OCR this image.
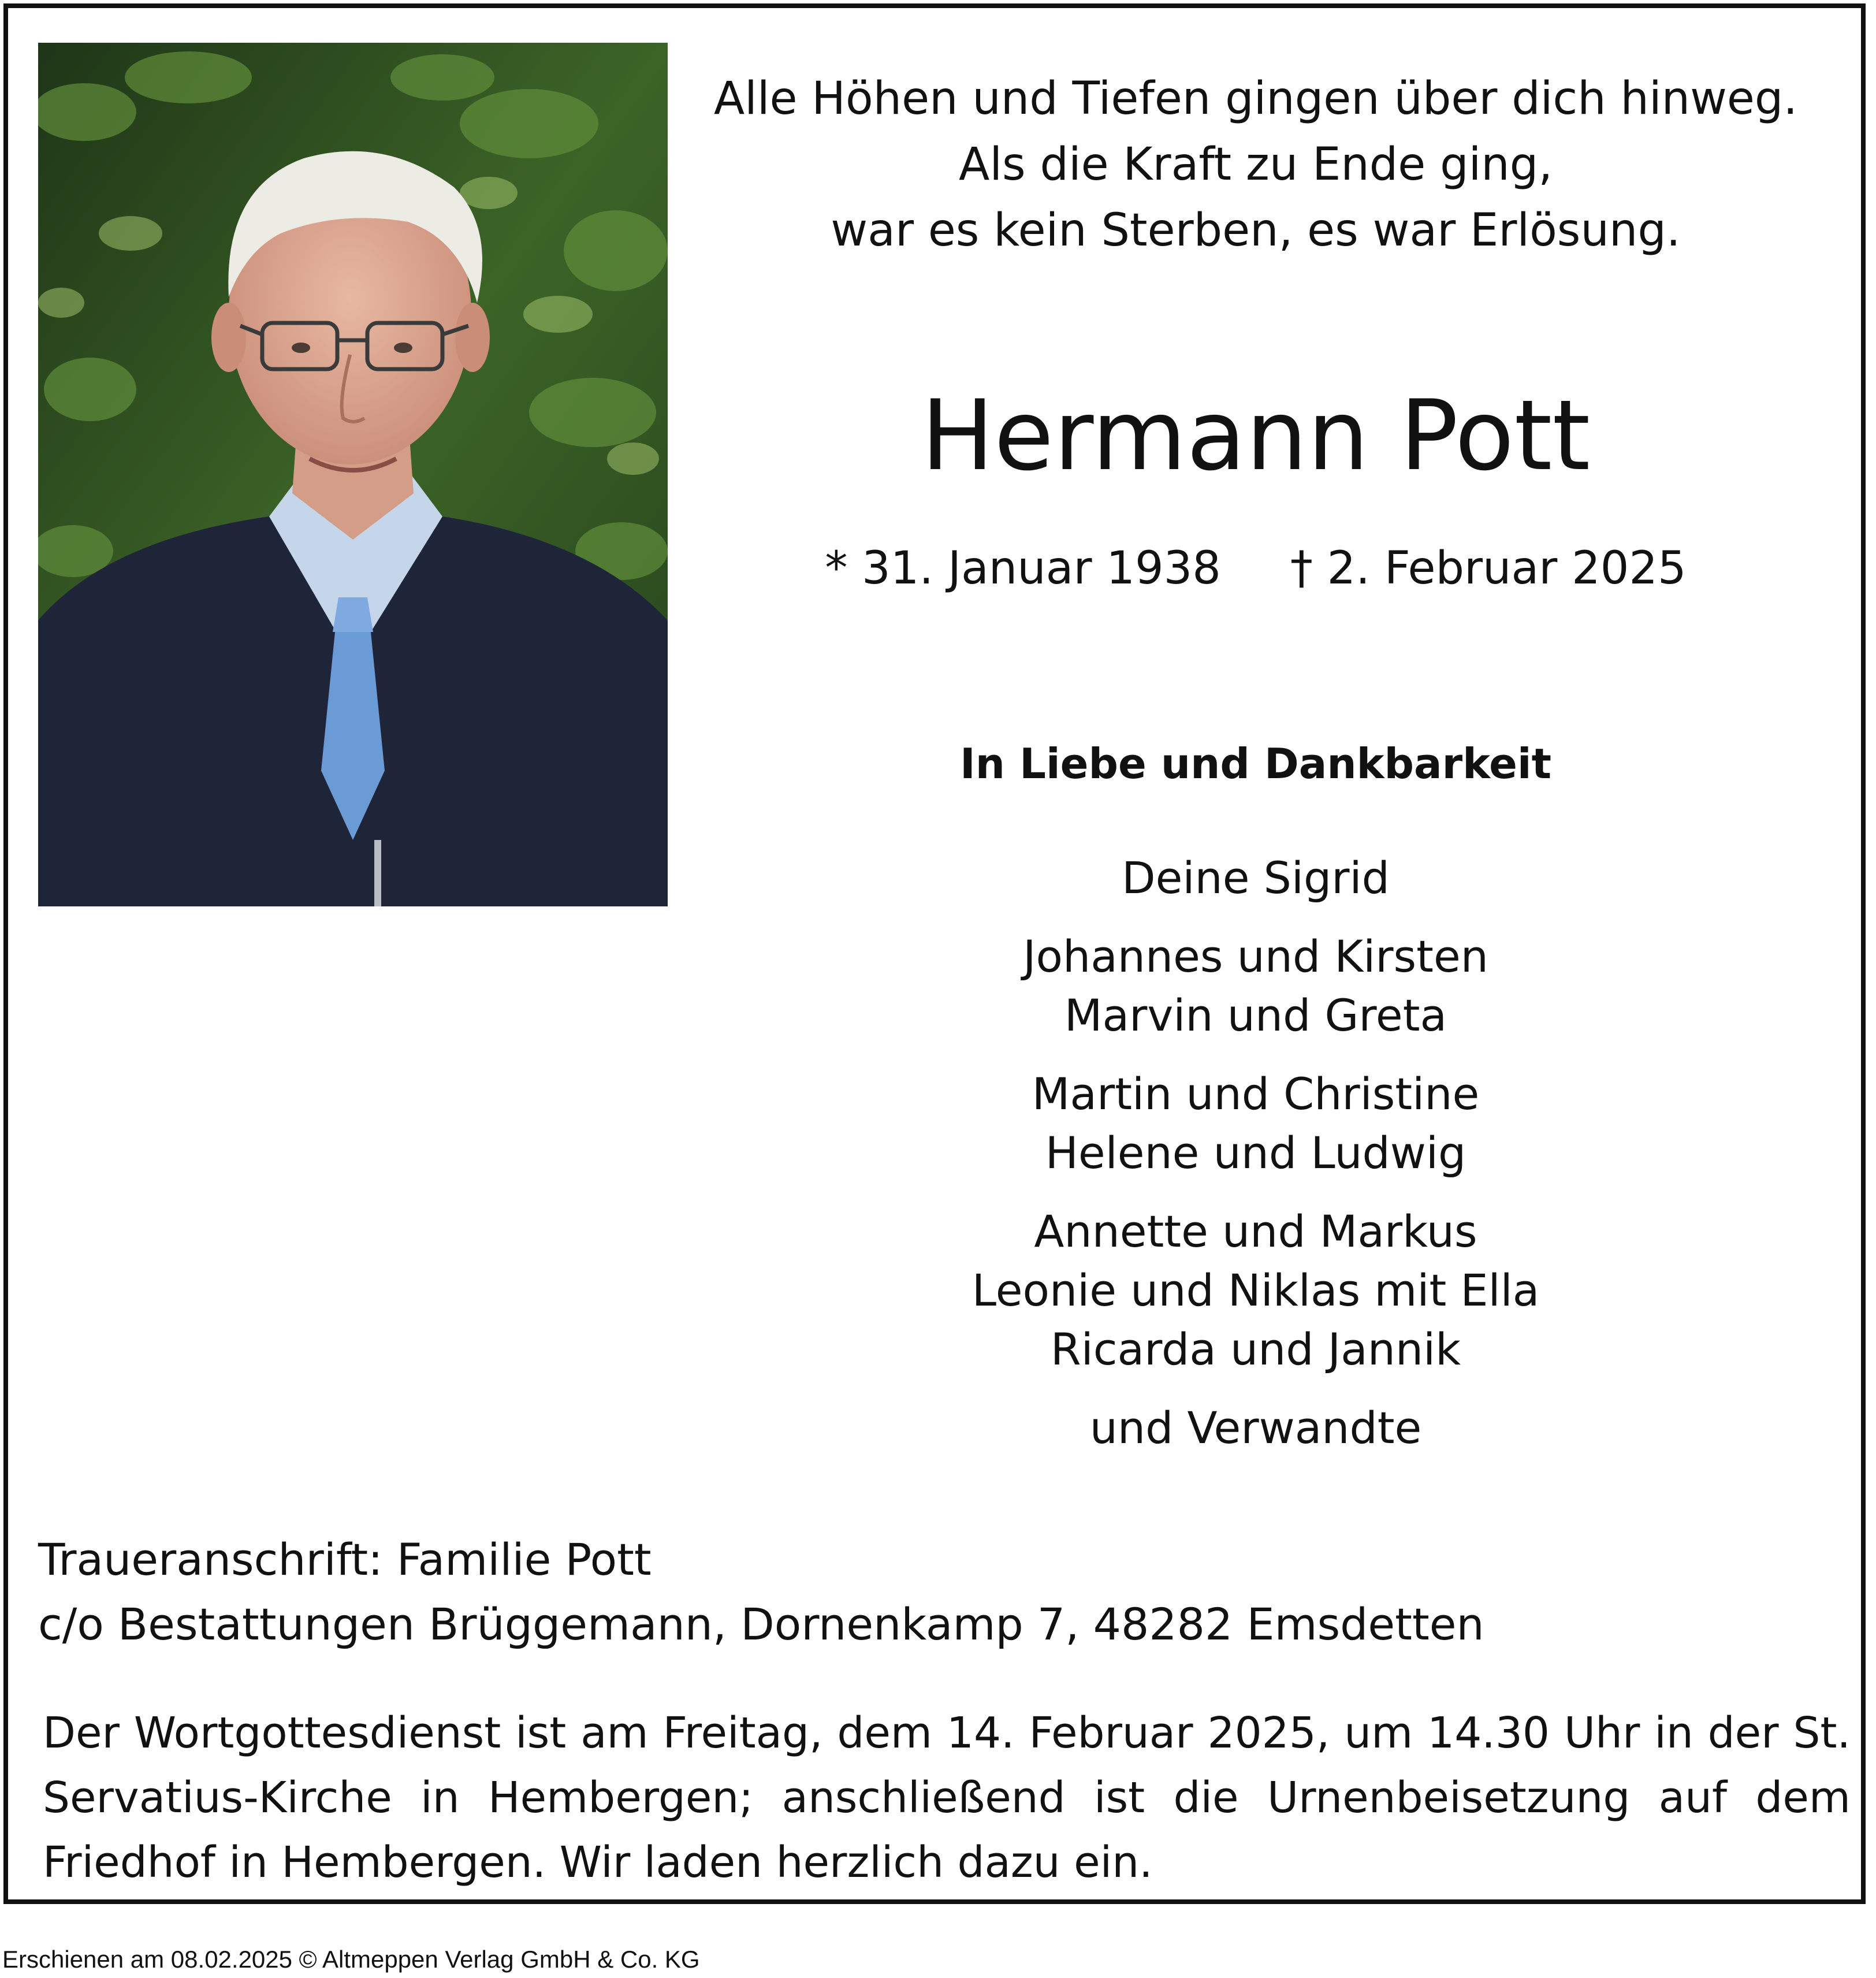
Alle Höhen und Tiefen gingen über dich hinweg.
Als die Kraft zu Ende ging,
war es kein Sterben, es war Erlösung.
Hermann Pott
* 31. Januar 1938 † 2. Februar 2025
In Liebe und Dankbarkeit
Deine Sigrid
Johannes und Kirsten
Marvin und Greta
Martin und Christine
Helene und Ludwig
Annette und Markus
Leonie und Niklas mit Ella
Ricarda und Jannik
und Verwandte
Traueranschrift: Familie Pott
c/o Bestattungen Brüggemann, Dornenkamp 7, 48282 Emsdetten
Der Wortgottesdienst ist am Freitag, dem 14. Februar 2025, um 14.30 Uhr in der St. Servatius-Kirche in Hembergen; anschließend ist die Urnenbeisetzung auf dem Friedhof in Hembergen. Wir laden herzlich dazu ein.
Erschienen am 08.02.2025 © Altmeppen Verlag GmbH & Co. KG
